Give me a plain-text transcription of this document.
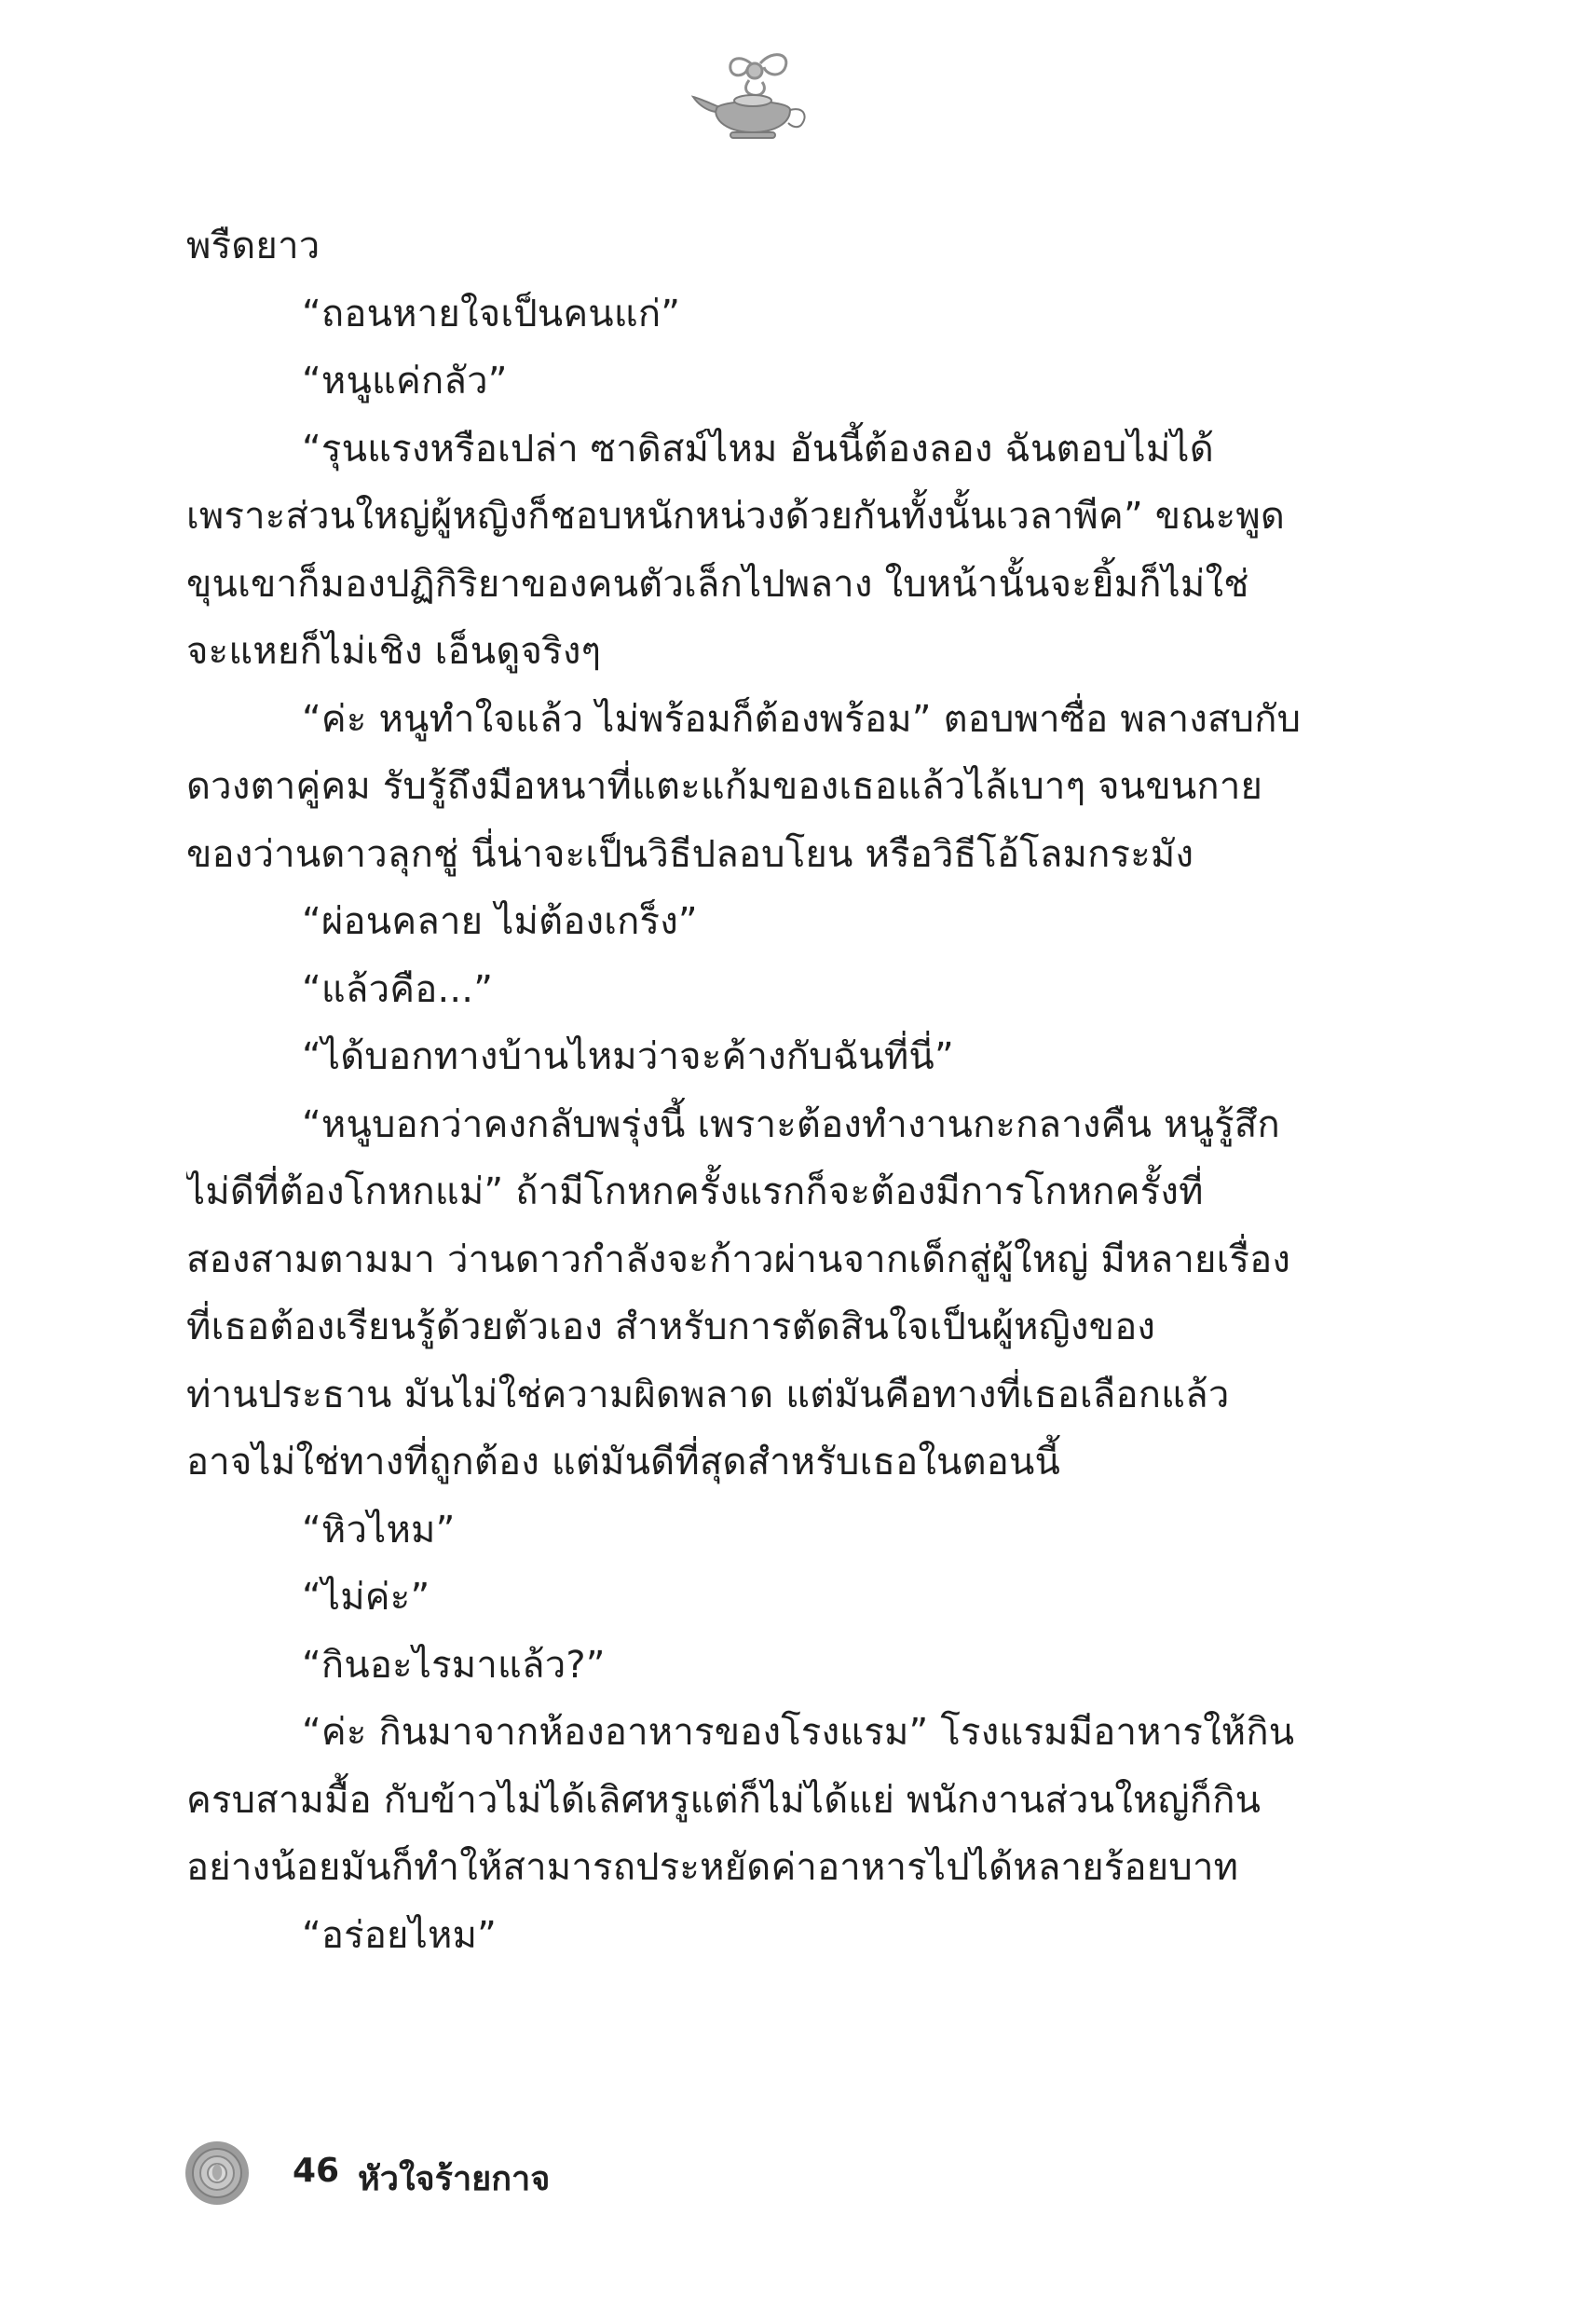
พรืดยาว
“ถอนหายใจเป็นคนแก่”
“หนูแค่กลัว”
“รุนแรงหรือเปล่า ซาดิสม์ไหม อันนี้ต้องลอง ฉันตอบไม่ได้
เพราะส่วนใหญ่ผู้หญิงก็ชอบหนักหน่วงด้วยกันทั้งนั้นเวลาพีค” ขณะพูด
ขุนเขาก็มองปฏิกิริยาของคนตัวเล็กไปพลาง ใบหน้านั้นจะยิ้มก็ไม่ใช่
จะแหยก็ไม่เชิง เอ็นดูจริงๆ
“ค่ะ หนูทำใจแล้ว ไม่พร้อมก็ต้องพร้อม” ตอบพาซื่อ พลางสบกับ
ดวงตาคู่คม รับรู้ถึงมือหนาที่แตะแก้มของเธอแล้วไล้เบาๆ จนขนกาย
ของว่านดาวลุกชู่ นี่น่าจะเป็นวิธีปลอบโยน หรือวิธีโอ้โลมกระมัง
“ผ่อนคลาย ไม่ต้องเกร็ง”
“แล้วคือ...”
“ได้บอกทางบ้านไหมว่าจะค้างกับฉันที่นี่”
“หนูบอกว่าคงกลับพรุ่งนี้ เพราะต้องทำงานกะกลางคืน หนูรู้สึก
ไม่ดีที่ต้องโกหกแม่” ถ้ามีโกหกครั้งแรกก็จะต้องมีการโกหกครั้งที่
สองสามตามมา ว่านดาวกำลังจะก้าวผ่านจากเด็กสู่ผู้ใหญ่ มีหลายเรื่อง
ที่เธอต้องเรียนรู้ด้วยตัวเอง สำหรับการตัดสินใจเป็นผู้หญิงของ
ท่านประธาน มันไม่ใช่ความผิดพลาด แต่มันคือทางที่เธอเลือกแล้ว
อาจไม่ใช่ทางที่ถูกต้อง แต่มันดีที่สุดสำหรับเธอในตอนนี้
“หิวไหม”
“ไม่ค่ะ”
“กินอะไรมาแล้ว?”
“ค่ะ กินมาจากห้องอาหารของโรงแรม” โรงแรมมีอาหารให้กิน
ครบสามมื้อ กับข้าวไม่ได้เลิศหรูแต่ก็ไม่ได้แย่ พนักงานส่วนใหญ่ก็กิน
อย่างน้อยมันก็ทำให้สามารถประหยัดค่าอาหารไปได้หลายร้อยบาท
“อร่อยไหม”
46 หัวใจร้ายกาจ
